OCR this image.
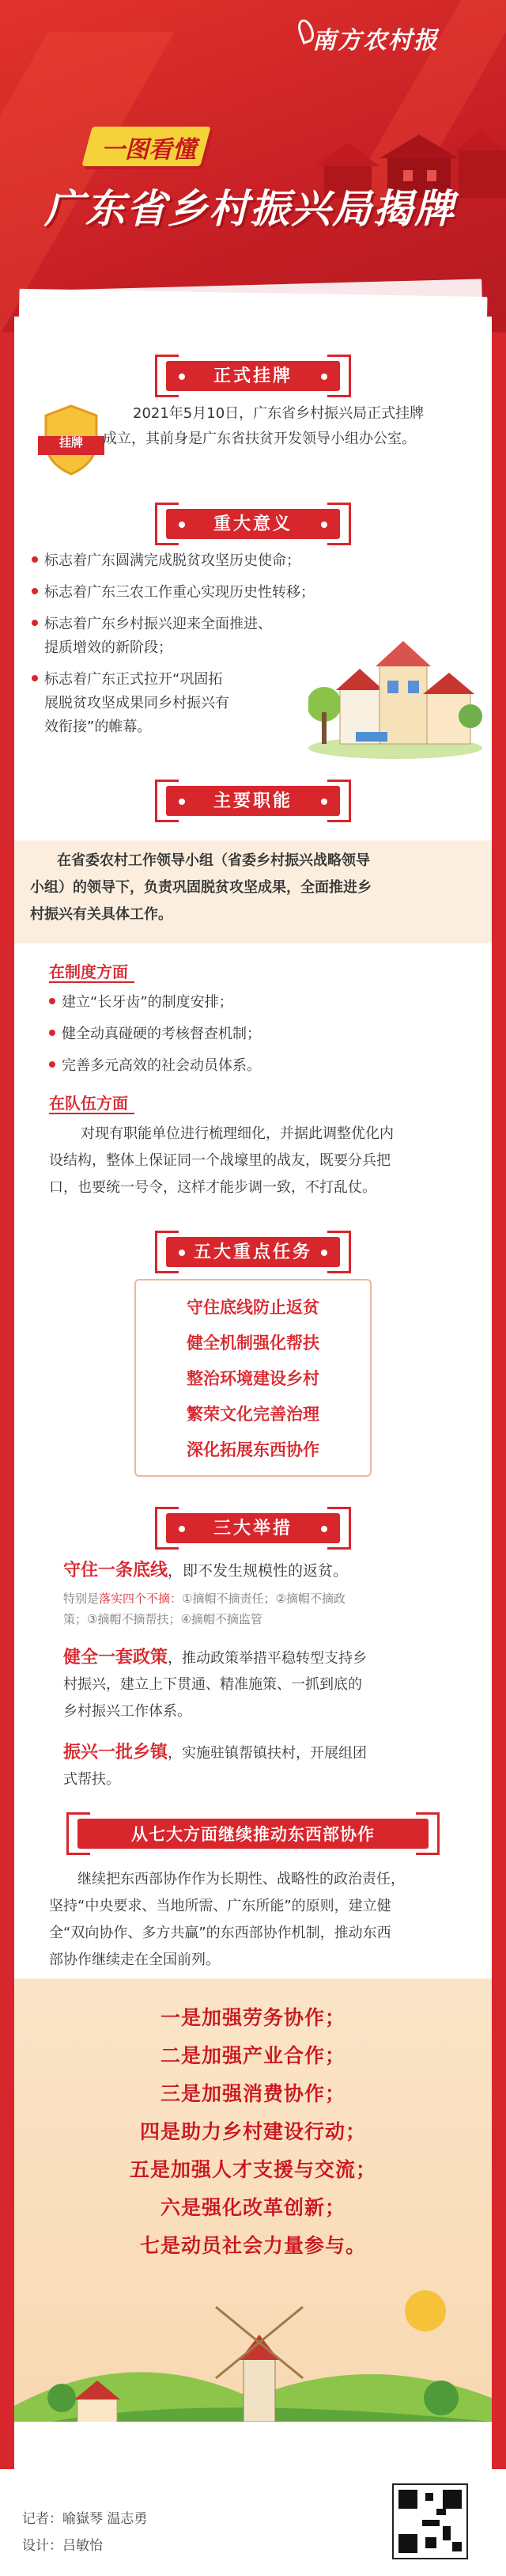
南方农村报
一图看懂
广东省乡村振兴局揭牌
正式挂牌
挂牌
2021年5月10日，广东省乡村振兴局正式挂牌
成立，其前身是广东省扶贫开发领导小组办公室。
重大意义
标志着广东圆满完成脱贫攻坚历史使命；
标志着广东三农工作重心实现历史性转移；
标志着广东乡村振兴迎来全面推进、
提质增效的新阶段；
标志着广东正式拉开“巩固拓
展脱贫攻坚成果同乡村振兴有
效衔接”的帷幕。
主要职能
在省委农村工作领导小组（省委乡村振兴战略领导
小组）的领导下，负责巩固脱贫攻坚成果，全面推进乡
村振兴有关具体工作。
在制度方面
建立“长牙齿”的制度安排；
健全动真碰硬的考核督查机制；
完善多元高效的社会动员体系。
在队伍方面
对现有职能单位进行梳理细化，并据此调整优化内
设结构，整体上保证同一个战壕里的战友，既要分兵把
口，也要统一号令，这样才能步调一致，不打乱仗。
五大重点任务
守住底线防止返贫
健全机制强化帮扶
整治环境建设乡村
繁荣文化完善治理
深化拓展东西协作
三大举措
守住一条底线，即不发生规模性的返贫。
特别是落实四个不摘：①摘帽不摘责任；②摘帽不摘政
策；③摘帽不摘帮扶；④摘帽不摘监管
健全一套政策，推动政策举措平稳转型支持乡
村振兴，建立上下贯通、精准施策、一抓到底的
乡村振兴工作体系。
振兴一批乡镇，实施驻镇帮镇扶村，开展组团
式帮扶。
从七大方面继续推动东西部协作
继续把东西部协作作为长期性、战略性的政治责任，
坚持“中央要求、当地所需、广东所能”的原则，建立健
全“双向协作、多方共赢”的东西部协作机制，推动东西
部协作继续走在全国前列。
一是加强劳务协作；
二是加强产业合作；
三是加强消费协作；
四是助力乡村建设行动；
五是加强人才支援与交流；
六是强化改革创新；
七是动员社会力量参与。
记者：喻嶽琴 温志勇
设计：吕敏怡
